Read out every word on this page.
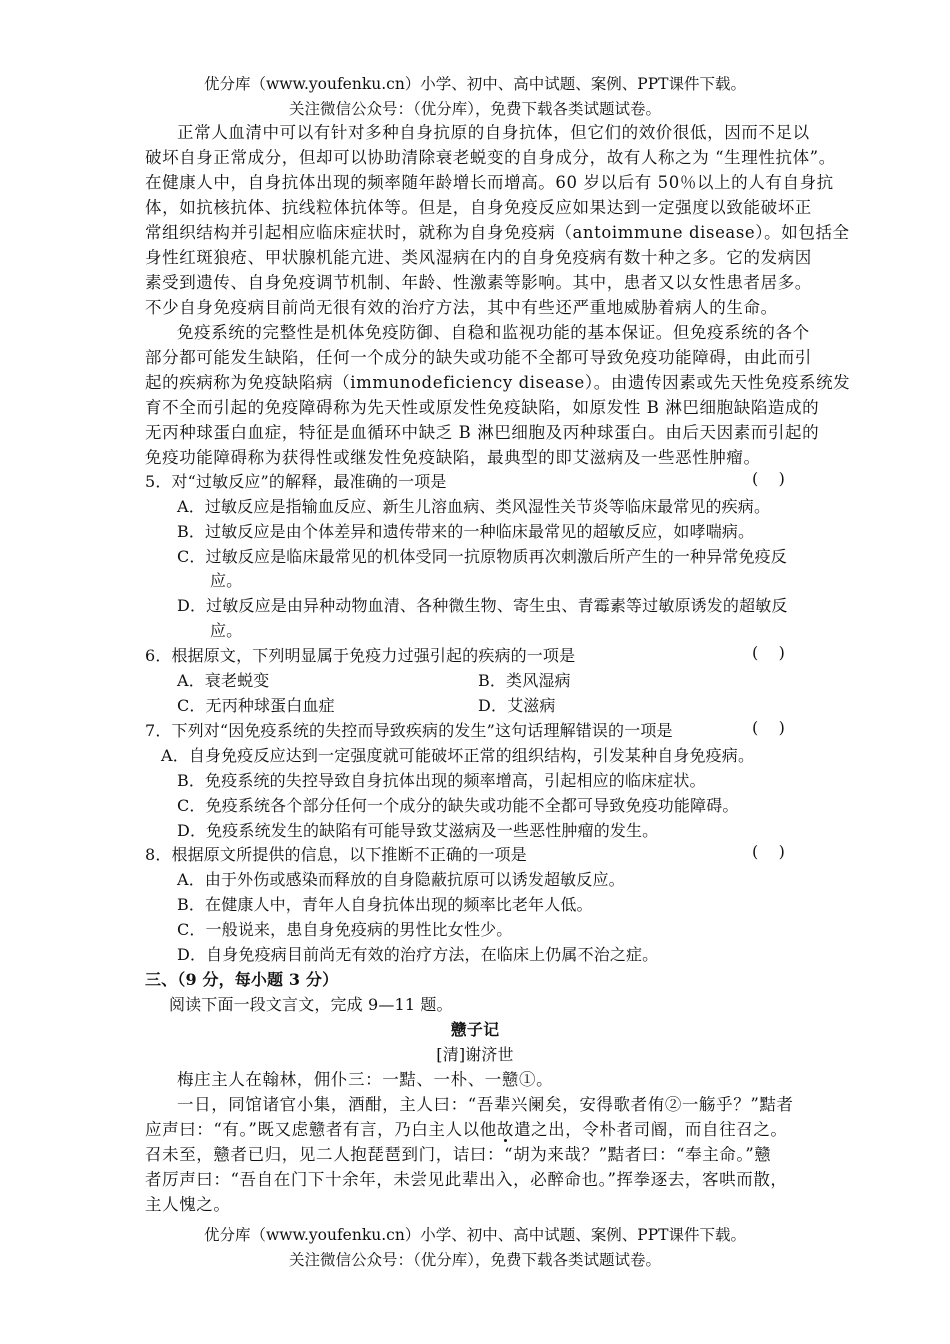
优分库（www.youfenku.cn）小学、初中、高中试题、案例、PPT课件下载。
关注微信公众号：（优分库），免费下载各类试题试卷。
正常人血清中可以有针对多种自身抗原的自身抗体，但它们的效价很低，因而不足以
破坏自身正常成分，但却可以协助清除衰老蜕变的自身成分，故有人称之为 “生理性抗体”。
在健康人中，自身抗体出现的频率随年龄增长而增高。60 岁以后有 50％以上的人有自身抗
体，如抗核抗体、抗线粒体抗体等。但是，自身免疫反应如果达到一定强度以致能破坏正
常组织结构并引起相应临床症状时，就称为自身免疫病（antoimmune disease）。如包括全
身性红斑狼疮、甲状腺机能亢进、类风湿病在内的自身免疫病有数十种之多。它的发病因
素受到遗传、自身免疫调节机制、年龄、性激素等影响。其中，患者又以女性患者居多。
不少自身免疫病目前尚无很有效的治疗方法，其中有些还严重地威胁着病人的生命。
免疫系统的完整性是机体免疫防御、自稳和监视功能的基本保证。但免疫系统的各个
部分都可能发生缺陷，任何一个成分的缺失或功能不全都可导致免疫功能障碍，由此而引
起的疾病称为免疫缺陷病（immunodeficiency disease）。由遗传因素或先天性免疫系统发
育不全而引起的免疫障碍称为先天性或原发性免疫缺陷，如原发性 B 淋巴细胞缺陷造成的
无丙种球蛋白血症，特征是血循环中缺乏 B 淋巴细胞及丙种球蛋白。由后天因素而引起的
免疫功能障碍称为获得性或继发性免疫缺陷，最典型的即艾滋病及一些恶性肿瘤。
5．对“过敏反应”的解释，最准确的一项是	(    )
A．过敏反应是指输血反应、新生儿溶血病、类风湿性关节炎等临床最常见的疾病。
B．过敏反应是由个体差异和遗传带来的一种临床最常见的超敏反应，如哮喘病。
C．过敏反应是临床最常见的机体受同一抗原物质再次刺激后所产生的一种异常免疫反
应。
D．过敏反应是由异种动物血清、各种微生物、寄生虫、青霉素等过敏原诱发的超敏反
应。
6．根据原文，下列明显属于免疫力过强引起的疾病的一项是	(    )
A．衰老蜕变	B．类风湿病
C．无丙种球蛋白血症	D．艾滋病
7．下列对“因免疫系统的失控而导致疾病的发生”这句话理解错误的一项是	(    )
A．自身免疫反应达到一定强度就可能破坏正常的组织结构，引发某种自身免疫病。
B．免疫系统的失控导致自身抗体出现的频率增高，引起相应的临床症状。
C．免疫系统各个部分任何一个成分的缺失或功能不全都可导致免疫功能障碍。
D．免疫系统发生的缺陷有可能导致艾滋病及一些恶性肿瘤的发生。
8．根据原文所提供的信息，以下推断不正确的一项是	(    )
A．由于外伤或感染而释放的自身隐蔽抗原可以诱发超敏反应。
B．在健康人中，青年人自身抗体出现的频率比老年人低。
C．一般说来，患自身免疫病的男性比女性少。
D．自身免疫病目前尚无有效的治疗方法，在临床上仍属不治之症。
三、（9 分，每小题 3 分）
阅读下面一段文言文，完成 9—11 题。
戆子记
[清]谢济世
梅庄主人在翰林，佣仆三：一黠、一朴、一戆①。
一日，同馆诸官小集，酒酣，主人曰：“吾辈兴阑矣，安得歌者侑②一觞乎？”黠者
应声曰：“有。”既又虑戆者有言，乃白主人以他故遣之出，令朴者司阍，而自往召之。
召未至，戆者已归，见二人抱琵琶到门，诘曰：“胡为来哉？”黠者曰：“奉主命。”戆
者厉声曰：“吾自在门下十余年，未尝见此辈出入，必醉命也。”挥拳逐去，客哄而散，
主人愧之。
优分库（www.youfenku.cn）小学、初中、高中试题、案例、PPT课件下载。
关注微信公众号：（优分库），免费下载各类试题试卷。
